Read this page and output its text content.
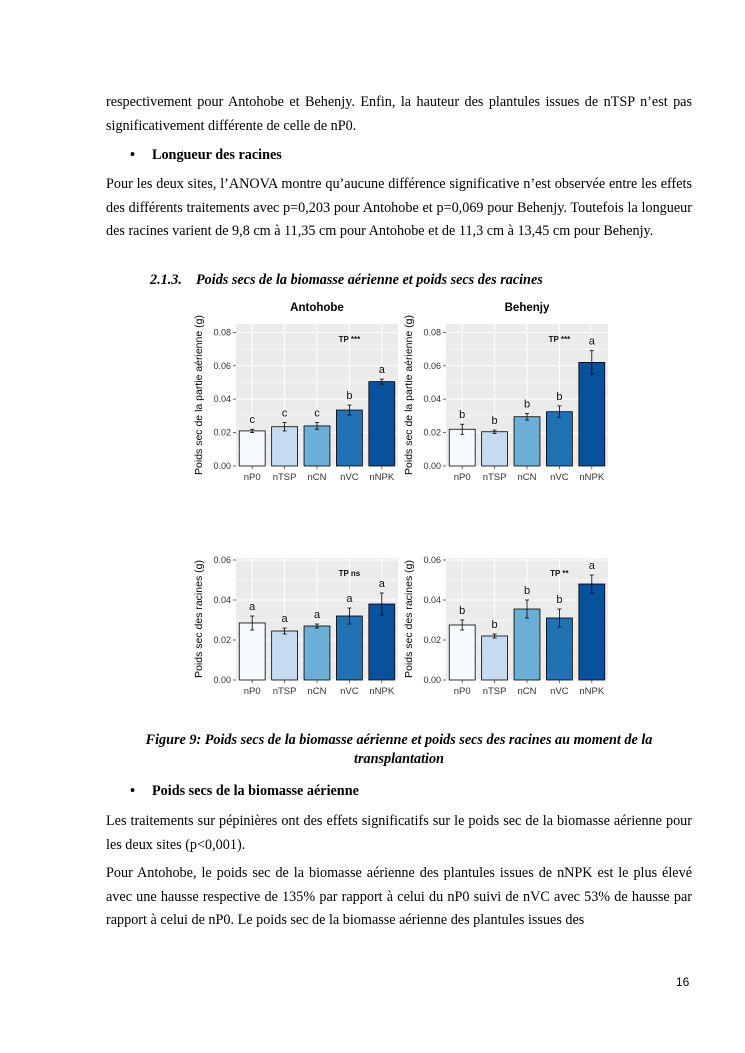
respectivement pour Antohobe et Behenjy. Enfin, la hauteur des plantules issues de nTSP n’est pas significativement différente de celle de nP0.

• Longueur des racines

Pour les deux sites, l’ANOVA montre qu’aucune différence significative n’est observée entre les effets des différents traitements avec p=0,203 pour Antohobe et p=0,069 pour Behenjy. Toutefois la longueur des racines varient de 9,8 cm à 11,35 cm pour Antohobe et de 11,3 cm à 13,45 cm pour Behenjy.

2.1.3. Poids secs de la biomasse aérienne et poids secs des racines
0.00
0.02
0.04
0.06
0.08
c
nP0
c
nTSP
c
nCN
b
nVC
a
nNPK
TP ***
Antohobe
Poids sec de la partie aérienne (g)	0.00
0.02
0.04
0.06
0.08
b
nP0
b
nTSP
b
nCN
b
nVC
a
nNPK
TP ***
Behenjy
Poids sec de la partie aérienne (g)
0.00
0.02
0.04
0.06
a
nP0
a
nTSP
a
nCN
a
nVC
a
nNPK
TP ns
Poids sec des racines (g)
0.00
0.02
0.04
0.06
b
nP0
b
nTSP
b
nCN
b
nVC
a
nNPK
TP **
Poids sec des racines (g)
Figure 9: Poids secs de la biomasse aérienne et poids secs des racines au moment de la transplantation
• Poids secs de la biomasse aérienne

Les traitements sur pépinières ont des effets significatifs sur le poids sec de la biomasse aérienne pour les deux sites (p<0,001).

Pour Antohobe, le poids sec de la biomasse aérienne des plantules issues de nNPK est le plus élevé avec une hausse respective de 135% par rapport à celui du nP0 suivi de nVC avec 53% de hausse par rapport à celui de nP0. Le poids sec de la biomasse aérienne des plantules issues des

16
